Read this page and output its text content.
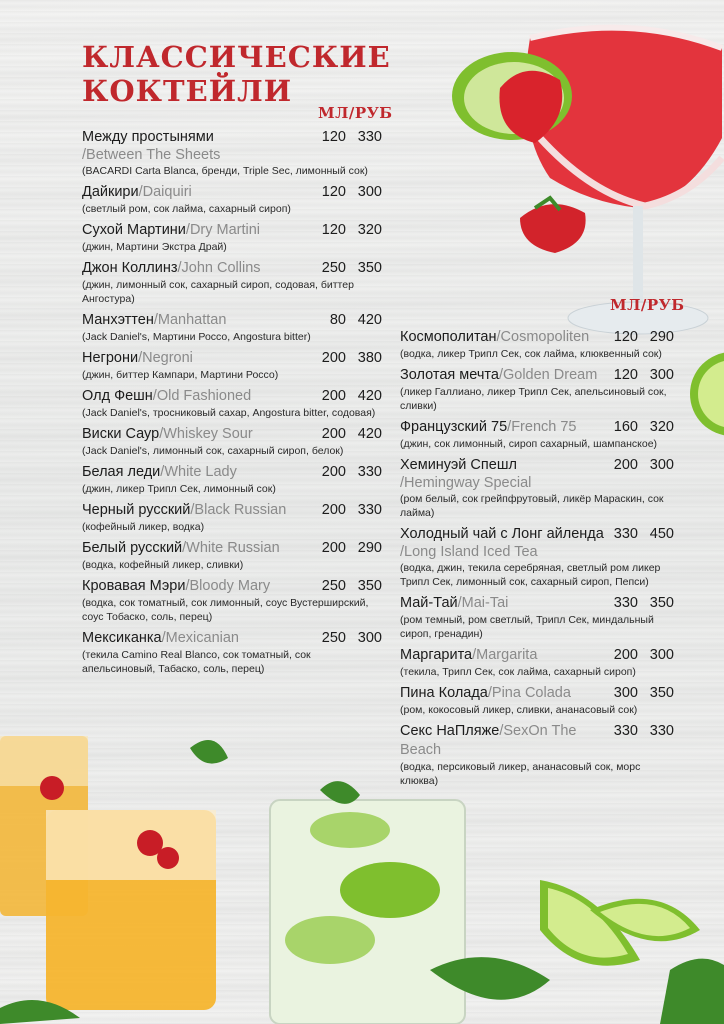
КЛАССИЧЕСКИЕ
КОКТЕЙЛИ
МЛ/РУБ
МЛ/РУБ
Между простынями
/Between The Sheets
(BACARDI Carta Blanca, бренди, Triple Sec, лимонный сок)
120 330
Дайкири/Daiquiri
(светлый ром, сок лайма, сахарный сироп)
120 300
Сухой Мартини/Dry Martini
(джин, Мартини Экстра Драй)
120 320
Джон Коллинз/John Collins
(джин, лимонный сок, сахарный сироп, содовая, биттер Ангостура)
250 350
Манхэттен/Manhattan
(Jack Daniel's, Мартини Россо, Angostura bitter)
80 420
Негрони/Negroni
(джин, биттер Кампари, Мартини Россо)
200 380
Олд Фешн/Old Fashioned
(Jack Daniel's, тросниковый сахар, Angostura bitter, содовая)
200 420
Виски Саур/Whiskey Sour
(Jack Daniel's, лимонный сок, сахарный сироп, белок)
200 420
Белая леди/White Lady
(джин, ликер Трипл Сек, лимонный сок)
200 330
Черный русский/Black Russian
(кофейный ликер, водка)
200 330
Белый русский/White Russian
(водка, кофейный ликер, сливки)
200 290
Кровавая Мэри/Bloody Mary
(водка, сок томатный, сок лимонный, соус Вустерширский, соус Тобаско, соль, перец)
250 350
Мексиканка/Mexicanian
(текила Camino Real Blanco, сок томатный, сок апельсиновый, Табаско, соль, перец)
250 300
Космополитан/Cosmopoliten
(водка, ликер Трипл Сек, сок лайма, клюквенный сок)
120 290
Золотая мечта/Golden Dream
(ликер Галлиано, ликер Трипл Сек, апельсиновый сок, сливки)
120 300
Французский 75/French 75
(джин, сок лимонный, сироп сахарный, шампанское)
160 320
Хеминуэй Спешл
/Hemingway Special
(ром белый, сок грейпфрутовый, ликёр Мараскин, сок лайма)
200 300
Холодный чай с Лонг айленда
/Long Island Iced Tea
(водка, джин, текила серебряная, светлый ром ликер Трипл Сек, лимонный сок, сахарный сироп, Пепси)
330 450
Май-Тай/Mai-Tai
(ром темный, ром светлый, Трипл Сек, миндальный сироп, гренадин)
330 350
Маргарита/Margarita
(текила, Трипл Сек, сок лайма, сахарный сироп)
200 300
Пина Колада/Pina Colada
(ром, кокосовый ликер, сливки, ананасовый сок)
300 350
Секс НаПляже/SexOn The Beach
(водка, персиковый ликер, ананасовый сок, морс клюква)
330 330
